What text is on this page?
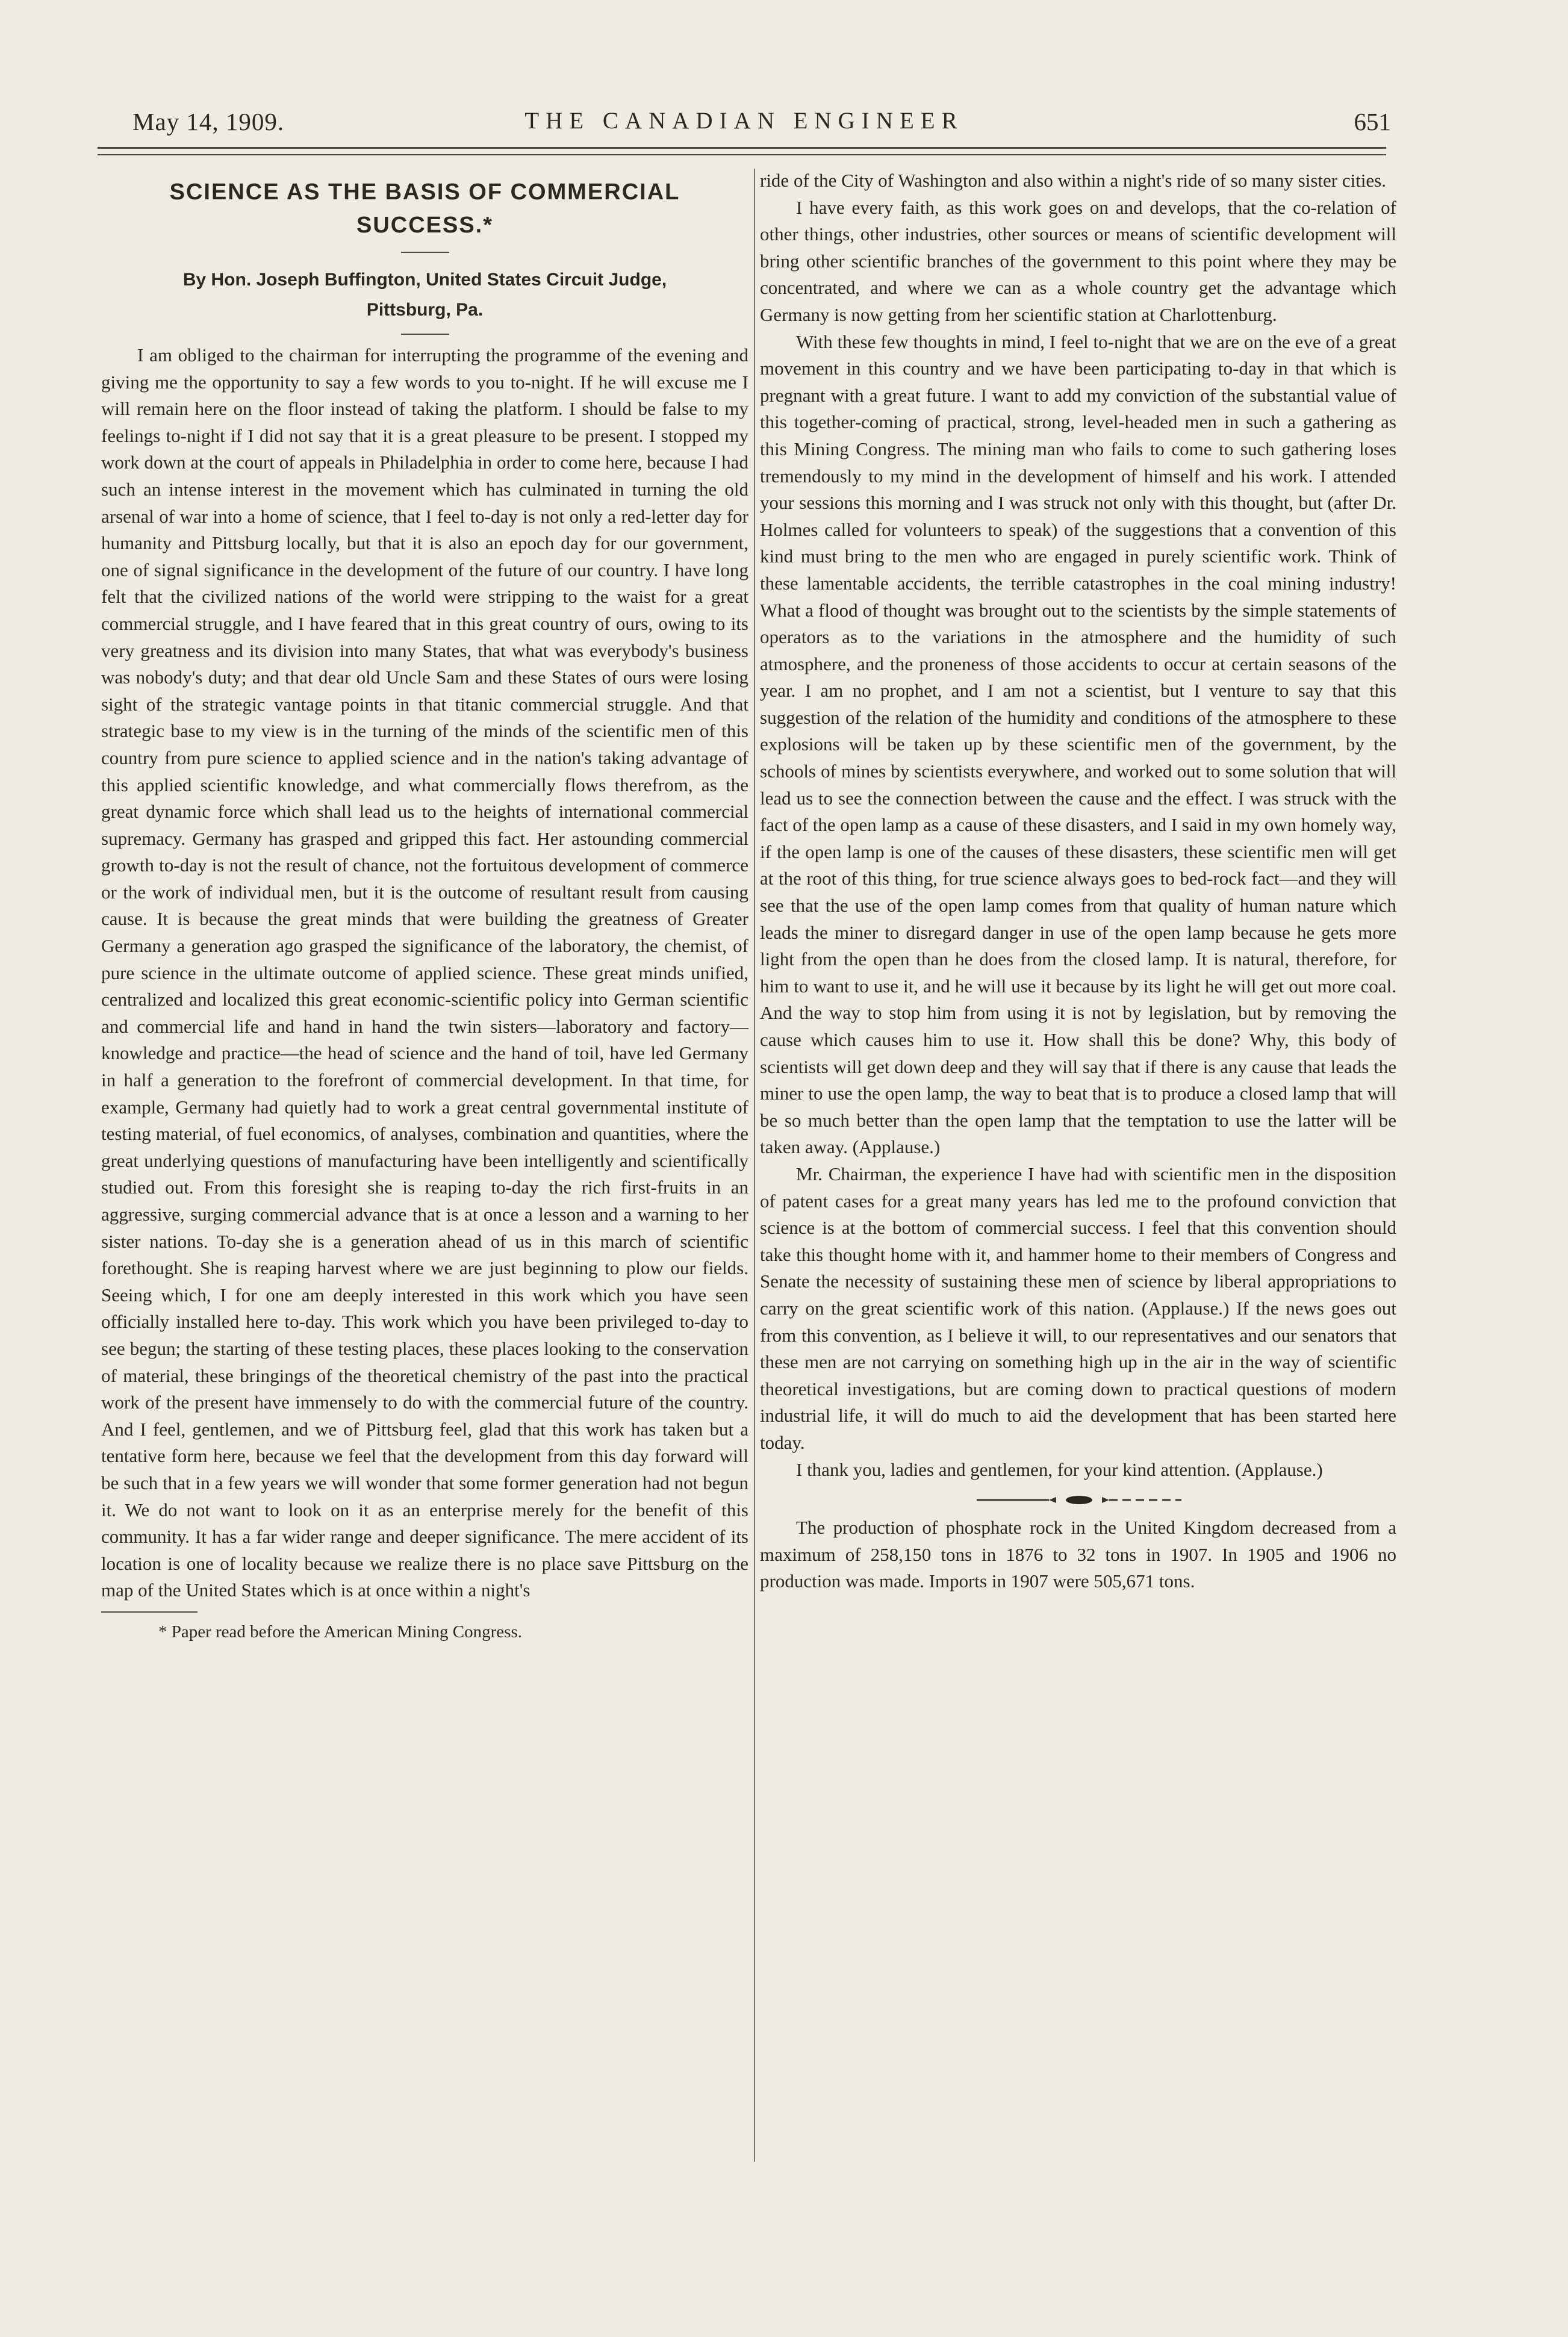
May 14, 1909.	THE CANADIAN ENGINEER	651
SCIENCE AS THE BASIS OF COMMERCIAL SUCCESS.*
By Hon. Joseph Buffington, United States Circuit Judge,
Pittsburg, Pa.

I am obliged to the chairman for interrupting the programme of the evening and giving me the opportunity to say a few words to you to-night. If he will excuse me I will remain here on the floor instead of taking the platform. I should be false to my feelings to-night if I did not say that it is a great pleasure to be present. I stopped my work down at the court of appeals in Philadelphia in order to come here, because I had such an intense interest in the movement which has culminated in turning the old arsenal of war into a home of science, that I feel to-day is not only a red-letter day for humanity and Pittsburg locally, but that it is also an epoch day for our government, one of signal significance in the development of the future of our country. I have long felt that the civilized nations of the world were stripping to the waist for a great commercial struggle, and I have feared that in this great country of ours, owing to its very greatness and its division into many States, that what was everybody's business was nobody's duty; and that dear old Uncle Sam and these States of ours were losing sight of the strategic vantage points in that titanic commercial struggle. And that strategic base to my view is in the turning of the minds of the scientific men of this country from pure science to applied science and in the nation's taking advantage of this applied scientific knowledge, and what commercially flows therefrom, as the great dynamic force which shall lead us to the heights of international commercial supremacy. Germany has grasped and gripped this fact. Her astounding commercial growth to-day is not the result of chance, not the fortuitous development of commerce or the work of individual men, but it is the outcome of resultant result from causing cause. It is because the great minds that were building the greatness of Greater Germany a generation ago grasped the significance of the laboratory, the chemist, of pure science in the ultimate outcome of applied science. These great minds unified, centralized and localized this great economic-scientific policy into German scientific and commercial life and hand in hand the twin sisters—laboratory and factory—knowledge and practice—the head of science and the hand of toil, have led Germany in half a generation to the forefront of commercial development. In that time, for example, Germany had quietly had to work a great central governmental institute of testing material, of fuel economics, of analyses, combination and quantities, where the great underlying questions of manufacturing have been intelligently and scientifically studied out. From this foresight she is reaping to-day the rich first-fruits in an aggressive, surging commercial advance that is at once a lesson and a warning to her sister nations. To-day she is a generation ahead of us in this march of scientific forethought. She is reaping harvest where we are just beginning to plow our fields. Seeing which, I for one am deeply interested in this work which you have seen officially installed here to-day. This work which you have been privileged to-day to see begun; the starting of these testing places, these places looking to the conservation of material, these bringings of the theoretical chemistry of the past into the practical work of the present have immensely to do with the commercial future of the country. And I feel, gentlemen, and we of Pittsburg feel, glad that this work has taken but a tentative form here, because we feel that the development from this day forward will be such that in a few years we will wonder that some former generation had not begun it. We do not want to look on it as an enterprise merely for the benefit of this community. It has a far wider range and deeper significance. The mere accident of its location is one of locality because we realize there is no place save Pittsburg on the map of the United States which is at once within a night's

* Paper read before the American Mining Congress.

ride of the City of Washington and also within a night's ride of so many sister cities.

I have every faith, as this work goes on and develops, that the co-relation of other things, other industries, other sources or means of scientific development will bring other scientific branches of the government to this point where they may be concentrated, and where we can as a whole country get the advantage which Germany is now getting from her scientific station at Charlottenburg.

With these few thoughts in mind, I feel to-night that we are on the eve of a great movement in this country and we have been participating to-day in that which is pregnant with a great future. I want to add my conviction of the substantial value of this together-coming of practical, strong, level-headed men in such a gathering as this Mining Congress. The mining man who fails to come to such gathering loses tremendously to my mind in the development of himself and his work. I attended your sessions this morning and I was struck not only with this thought, but (after Dr. Holmes called for volunteers to speak) of the suggestions that a convention of this kind must bring to the men who are engaged in purely scientific work. Think of these lamentable accidents, the terrible catastrophes in the coal mining industry! What a flood of thought was brought out to the scientists by the simple statements of operators as to the variations in the atmosphere and the humidity of such atmosphere, and the proneness of those accidents to occur at certain seasons of the year. I am no prophet, and I am not a scientist, but I venture to say that this suggestion of the relation of the humidity and conditions of the atmosphere to these explosions will be taken up by these scientific men of the government, by the schools of mines by scientists everywhere, and worked out to some solution that will lead us to see the connection between the cause and the effect. I was struck with the fact of the open lamp as a cause of these disasters, and I said in my own homely way, if the open lamp is one of the causes of these disasters, these scientific men will get at the root of this thing, for true science always goes to bed-rock fact—and they will see that the use of the open lamp comes from that quality of human nature which leads the miner to disregard danger in use of the open lamp because he gets more light from the open than he does from the closed lamp. It is natural, therefore, for him to want to use it, and he will use it because by its light he will get out more coal. And the way to stop him from using it is not by legislation, but by removing the cause which causes him to use it. How shall this be done? Why, this body of scientists will get down deep and they will say that if there is any cause that leads the miner to use the open lamp, the way to beat that is to produce a closed lamp that will be so much better than the open lamp that the temptation to use the latter will be taken away. (Applause.)

Mr. Chairman, the experience I have had with scientific men in the disposition of patent cases for a great many years has led me to the profound conviction that science is at the bottom of commercial success. I feel that this convention should take this thought home with it, and hammer home to their members of Congress and Senate the necessity of sustaining these men of science by liberal appropriations to carry on the great scientific work of this nation. (Applause.) If the news goes out from this convention, as I believe it will, to our representatives and our senators that these men are not carrying on something high up in the air in the way of scientific theoretical investigations, but are coming down to practical questions of modern industrial life, it will do much to aid the development that has been started here today.

I thank you, ladies and gentlemen, for your kind attention. (Applause.)

The production of phosphate rock in the United Kingdom decreased from a maximum of 258,150 tons in 1876 to 32 tons in 1907. In 1905 and 1906 no production was made. Imports in 1907 were 505,671 tons.
